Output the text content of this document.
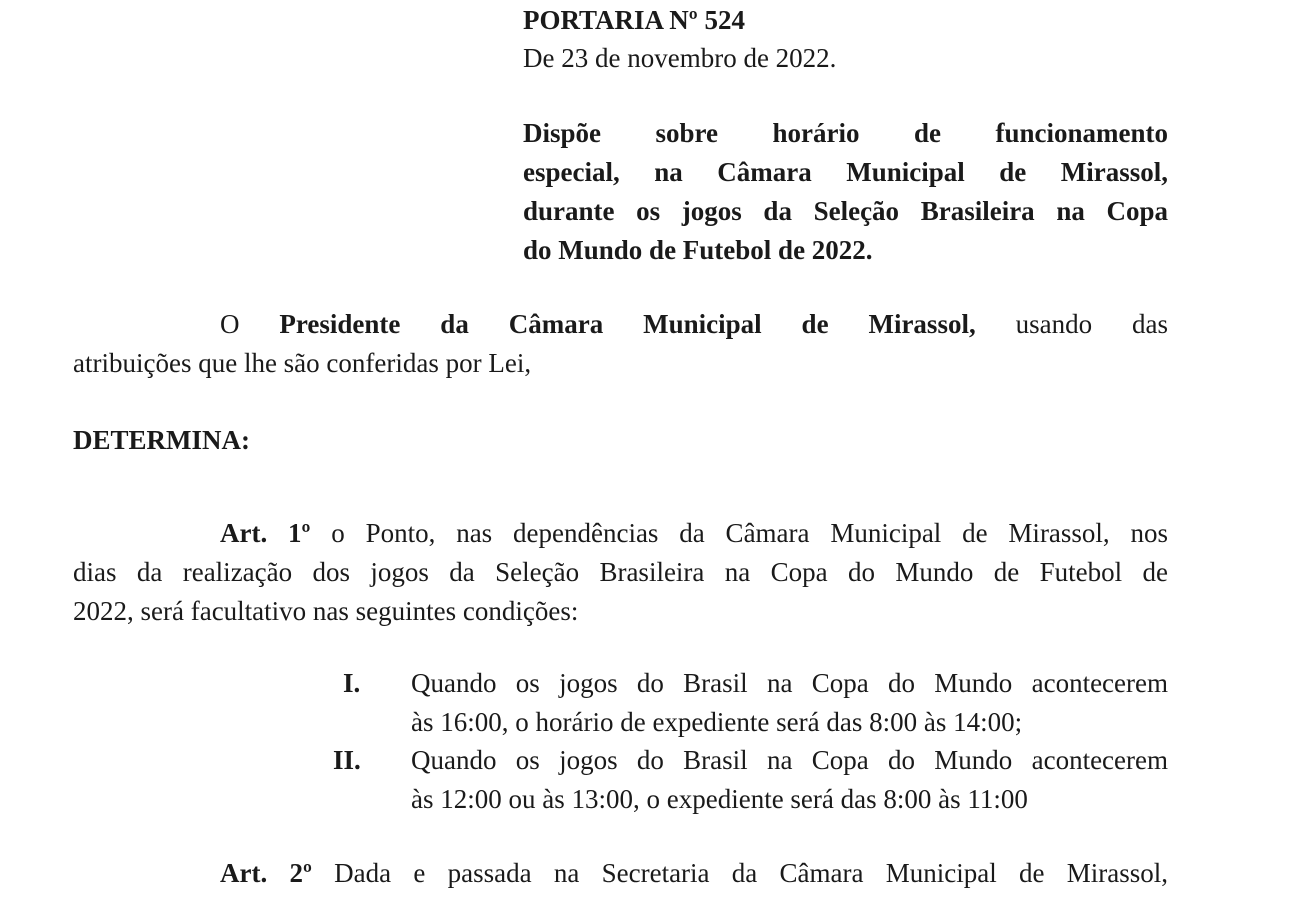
PORTARIA Nº 524
De 23 de novembro de 2022.
Dispõe sobre horário de funcionamento
especial, na Câmara Municipal de Mirassol,
durante os jogos da Seleção Brasileira na Copa
do Mundo de Futebol de 2022.
O Presidente da Câmara Municipal de Mirassol, usando das
atribuições que lhe são conferidas por Lei,
DETERMINA:
Art. 1º o Ponto, nas dependências da Câmara Municipal de Mirassol, nos
dias da realização dos jogos da Seleção Brasileira na Copa do Mundo de Futebol de
2022, será facultativo nas seguintes condições:
I. Quando os jogos do Brasil na Copa do Mundo acontecerem
às 16:00, o horário de expediente será das 8:00 às 14:00;
II. Quando os jogos do Brasil na Copa do Mundo acontecerem
às 12:00 ou às 13:00, o expediente será das 8:00 às 11:00
Art. 2º Dada e passada na Secretaria da Câmara Municipal de Mirassol,
